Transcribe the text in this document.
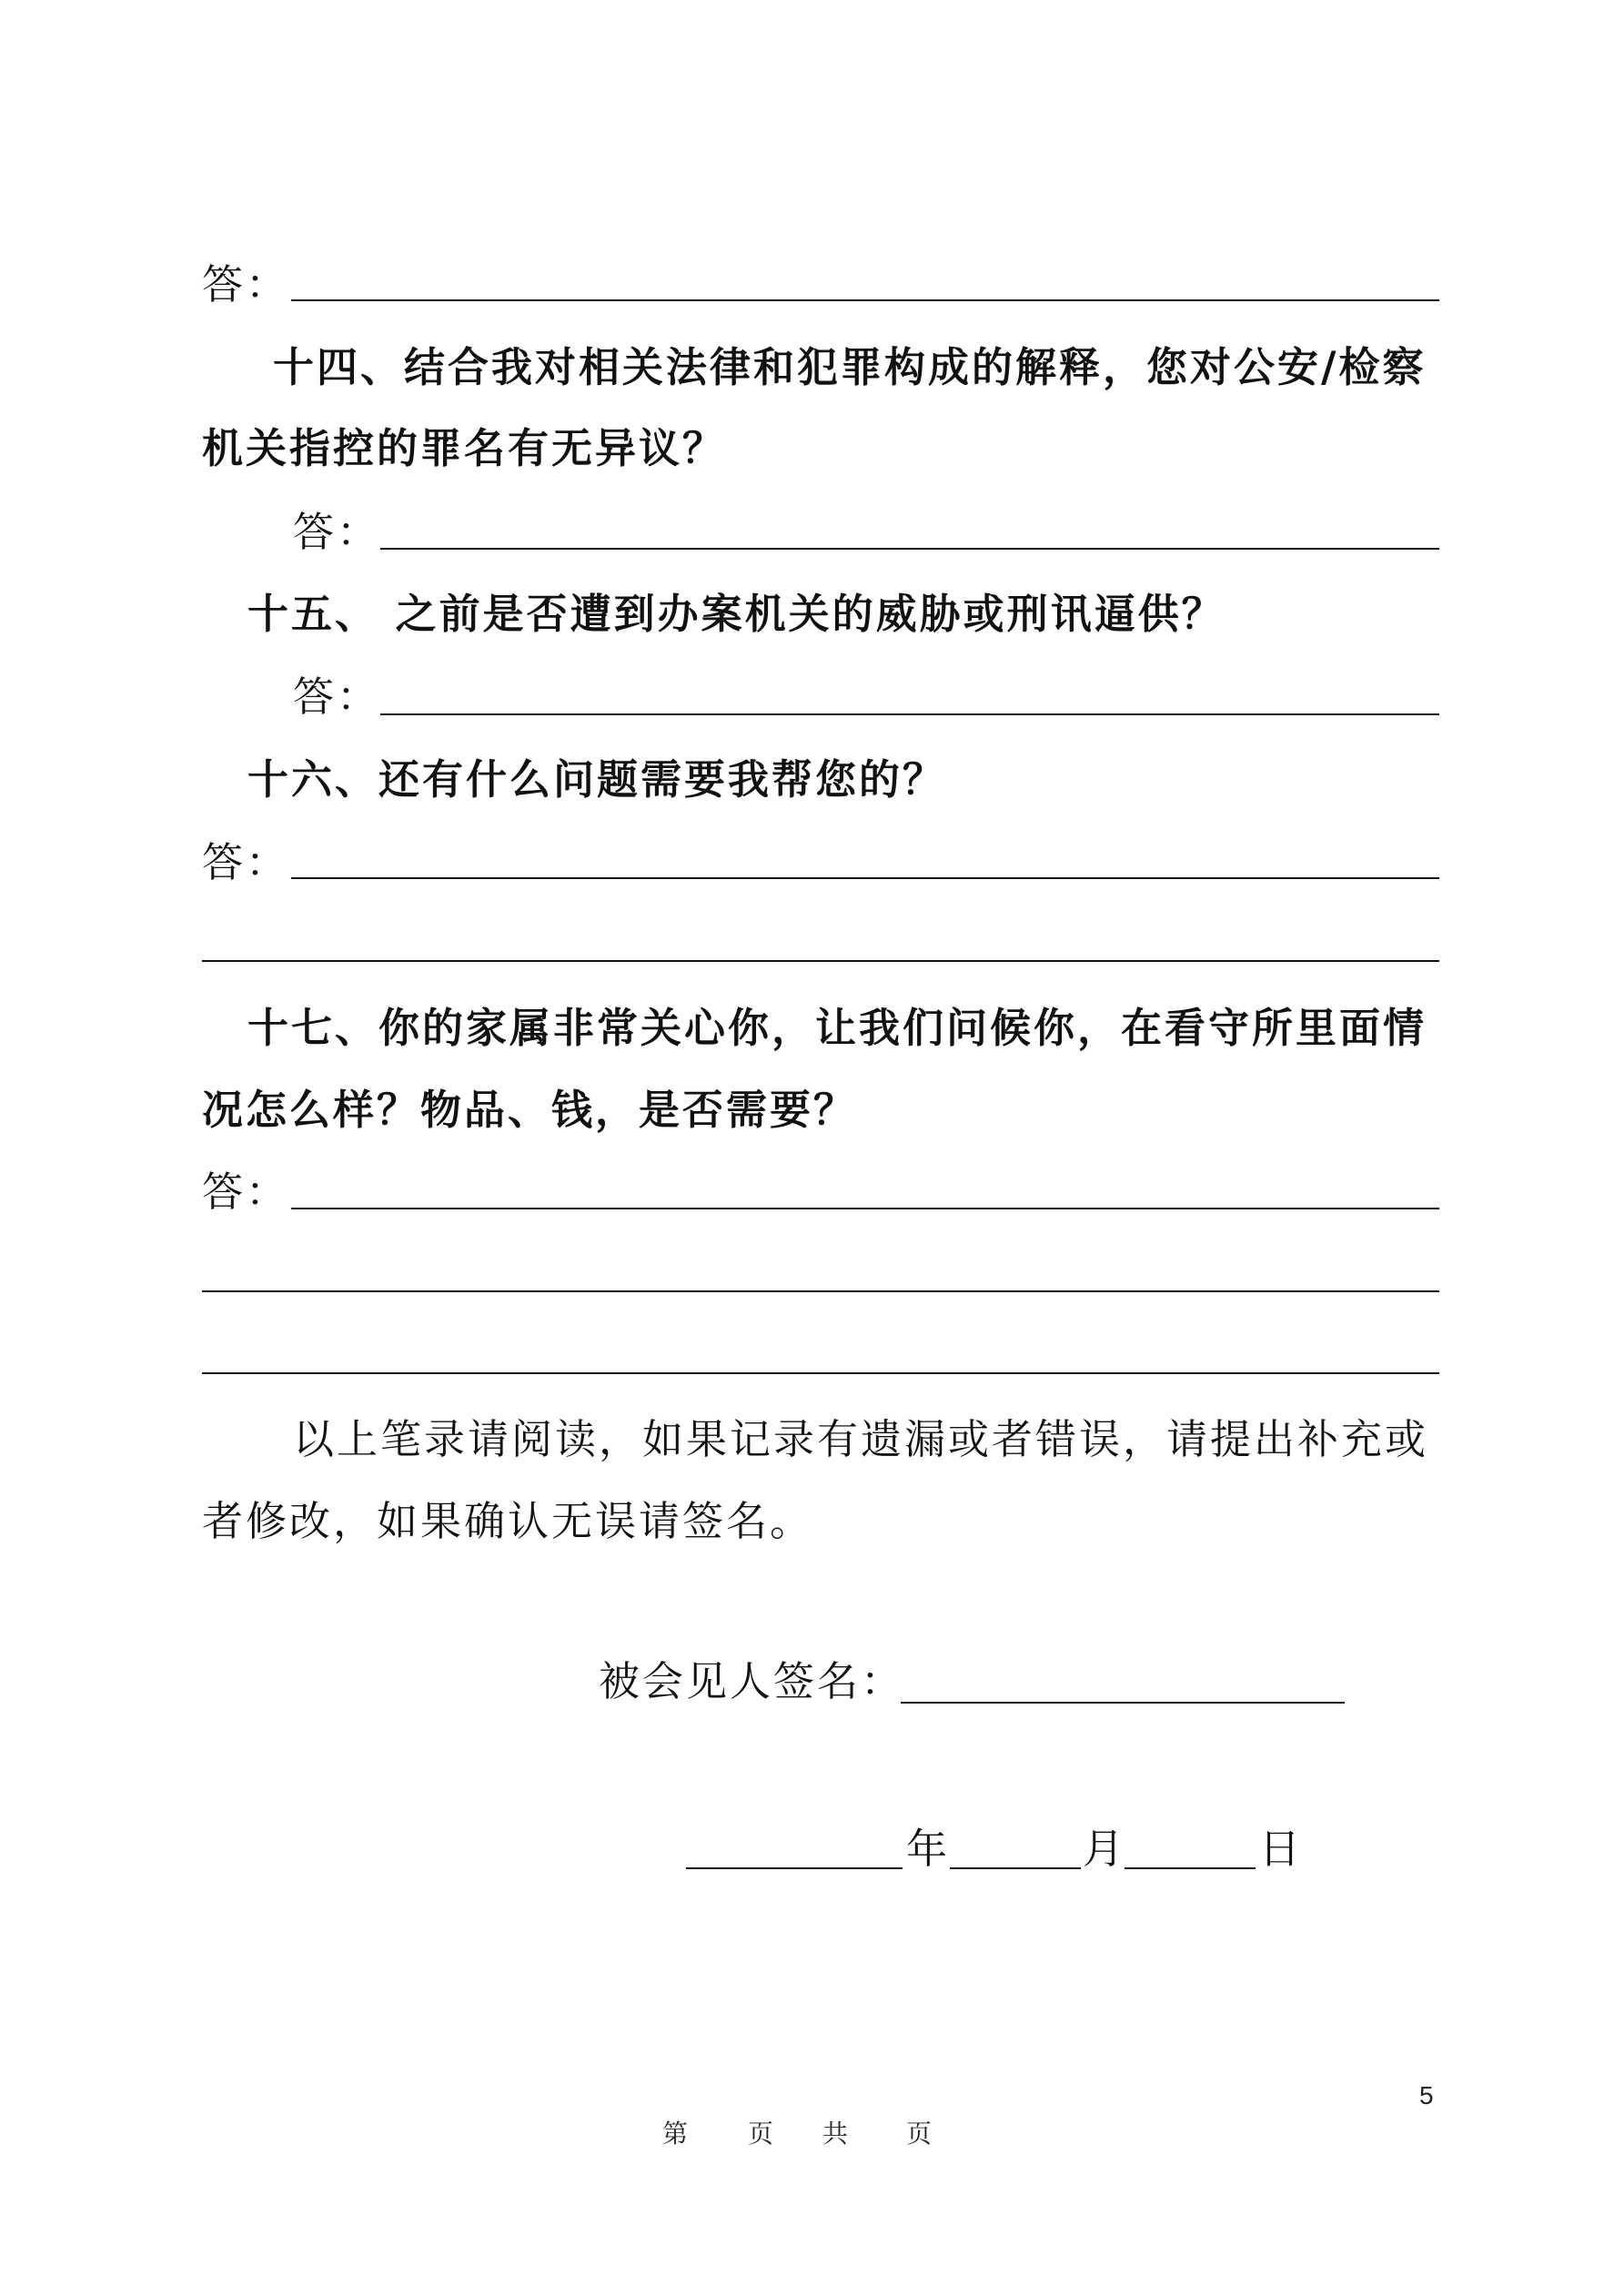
答：
十四、结合我对相关法律和犯罪构成的解释，您对公安/检察
机关指控的罪名有无异议？
答：
十五、 之前是否遭到办案机关的威胁或刑讯逼供？
答：
十六、还有什么问题需要我帮您的？
答：
十七、你的家属非常关心你，让我们问候你，在看守所里面情
况怎么样？物品、钱，是否需要？
答：
以上笔录请阅读，如果记录有遗漏或者错误，请提出补充或
者修改，如果确认无误请签名。
被会见人签名：
年	月	日
5
第 页 共 页
